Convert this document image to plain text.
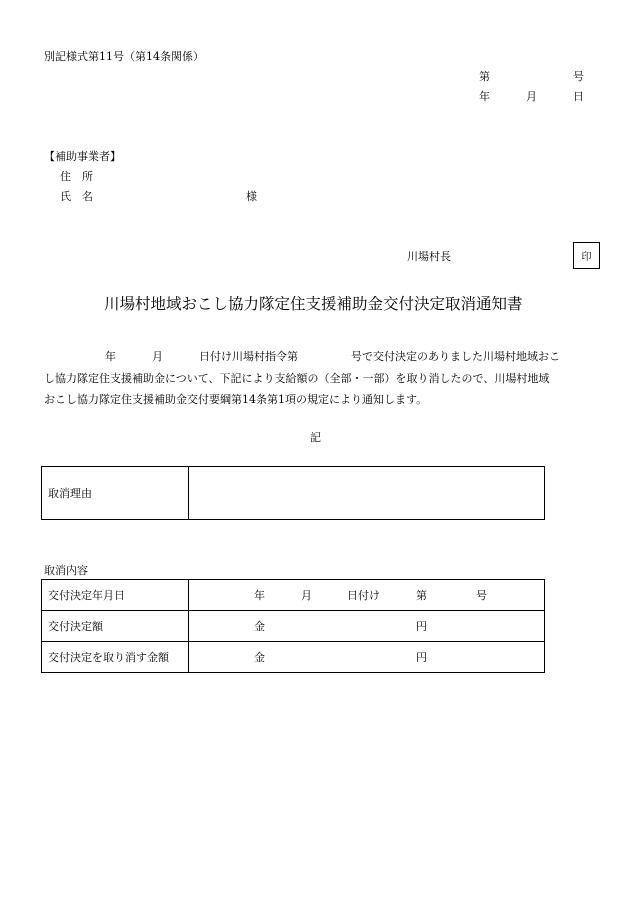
別記様式第11号（第14条関係）
第	号
年	月	日
【補助事業者】
住　所
氏　名	様
川場村長	印
川場村地域おこし協力隊定住支援補助金交付決定取消通知書
年	月	日付け川場村指令第	号で交付決定のありました川場村地域おこ
し協力隊定住支援補助金について、下記により支給額の（全部・一部）を取り消したので、川場村地域
おこし協力隊定住支援補助金交付要綱第14条第1項の規定により通知します。
記
取消理由	
取消内容
交付決定年月日	年 月 日付け 第 号

交付決定額	金 円

交付決定を取り消す金額	金 円
